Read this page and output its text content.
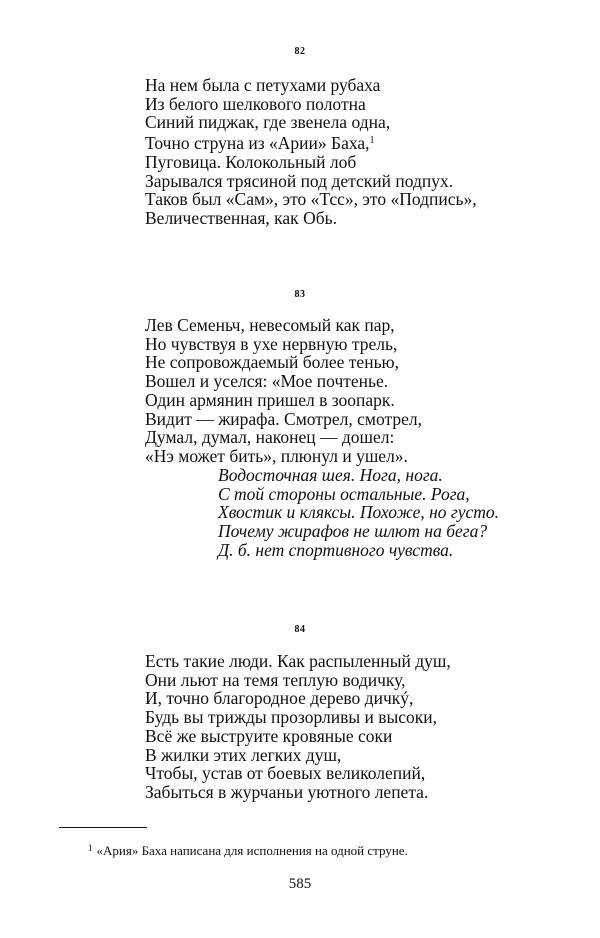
82
На нем была с петухами рубаха
Из белого шелкового полотна
Синий пиджак, где звенела одна,
Точно струна из «Арии» Баха,$^1$
Пуговица. Колокольный лоб
Зарывался трясиной под детский подпух.
Таков был «Сам», это «Тсс», это «Подпись»,
Величественная, как Обь.
83
Лев Семеньч, невесомый как пар,
Но чувствуя в ухе нервную трель,
Не сопровождаемый более тенью,
Вошел и уселся: «Мое почтенье.
Один армянин пришел в зоопарк.
Видит — жирафа. Смотрел, смотрел,
Думал, думал, наконец — дошел:
«Нэ может бить», плюнул и ушел».
Водосточная шея. Нога, нога.
С той стороны остальные. Рога,
Хвостик и кляксы. Похоже, но густо.
Почему жирафов не шлют на бега?
Д. б. нет спортивного чувства.
84
Есть такие люди. Как распыленный душ,
Они льют на темя теплую водичку,
И, точно благородное дерево дичкý,
Будь вы трижды прозорливы и высоки,
Всё же выструите кровяные соки
В жилки этих легких душ,
Чтобы, устав от боевых великолепий,
Забыться в журчаньи уютного лепета.
$^1$ «Ария» Баха написана для исполнения на одной струне.
585
